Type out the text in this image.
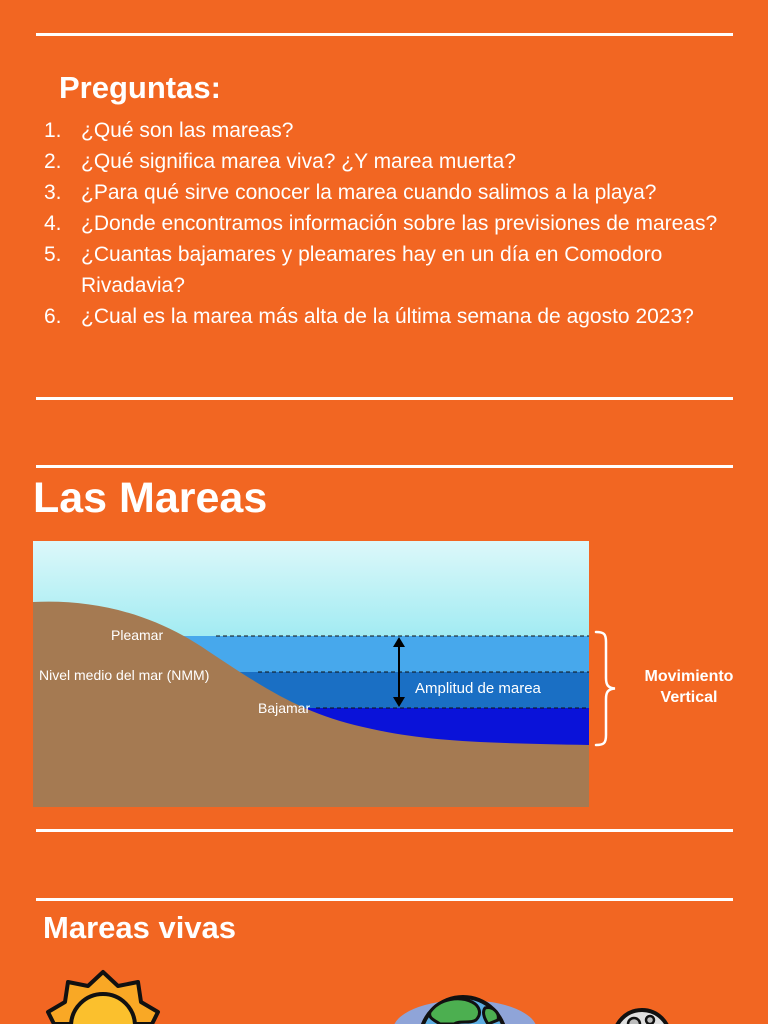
Preguntas:
1. ¿Qué son las mareas?
2. ¿Qué significa marea viva? ¿Y marea muerta?
3. ¿Para qué sirve conocer la marea cuando salimos a la playa?
4. ¿Donde encontramos información sobre las previsiones de mareas?
5. ¿Cuantas bajamares y pleamares hay en un día en Comodoro Rivadavia?
6. ¿Cual es la marea más alta de la última semana de agosto 2023?
Las Mareas
Pleamar
Nivel medio del mar (NMM)
Bajamar
Amplitud de marea
Movimiento
Vertical
Mareas vivas
